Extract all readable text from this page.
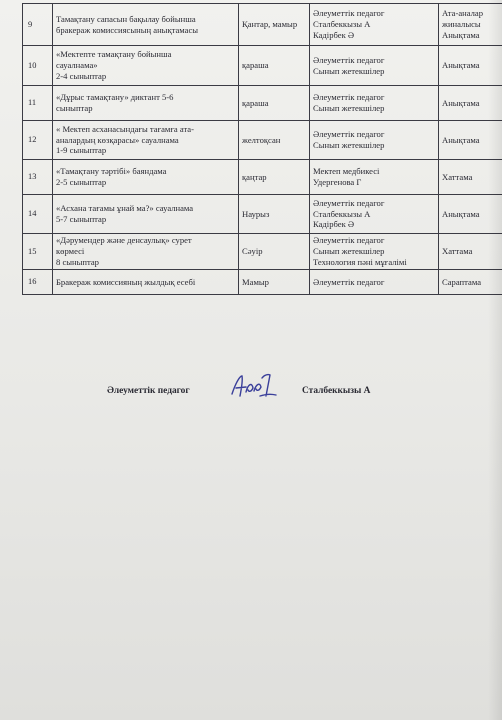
9	Тамақтану сапасын бақылау бойынша
бракераж комиссиясының анықтамасы	Қантар, мамыр	Әлеуметтік педагог
Сталбеккызы А
Кадірбек Ә	Ата-аналар
жиналысы
Анықтама

10	«Мектепте тамақтану бойынша
сауалнама»
2-4 сыныптар	қараша	Әлеуметтік педагог
Сынып жетекшілер	Анықтама

11	«Дұрыс тамақтану» диктант 5-6
сыныптар	қараша	Әлеуметтік педагог
Сынып жетекшілер	Анықтама

12	« Мектеп асханасындағы тағамға ата-
аналардың көзқарасы» сауалнама
1-9 сыныптар	желтоқсан	Әлеуметтік педагог
Сынып жетекшілер	Анықтама

13	«Тамақтану тәртібі» баяндама
2-5 сыныптар	қаңтар	Мектеп медбикесі
Удергенова Г	Хаттама

14	«Асхана тағамы ұнай ма?» сауалнама
5-7 сыныптар	Наурыз	Әлеуметтік педагог
Сталбеккызы А
Кадірбек Ә	Анықтама

15	«Дәрумендер және денсаулық» сурет
көрмесі
8 сыныптар	Сәуір	Әлеуметтік педагог
Сынып жетекшілер
Технология пәні мұғалімі	Хаттама

16	Бракераж комиссияның жылдық есебі	Мамыр	Әлеуметтік педагог	Сараптама
Әлеуметтік педагог	Сталбеккызы А
